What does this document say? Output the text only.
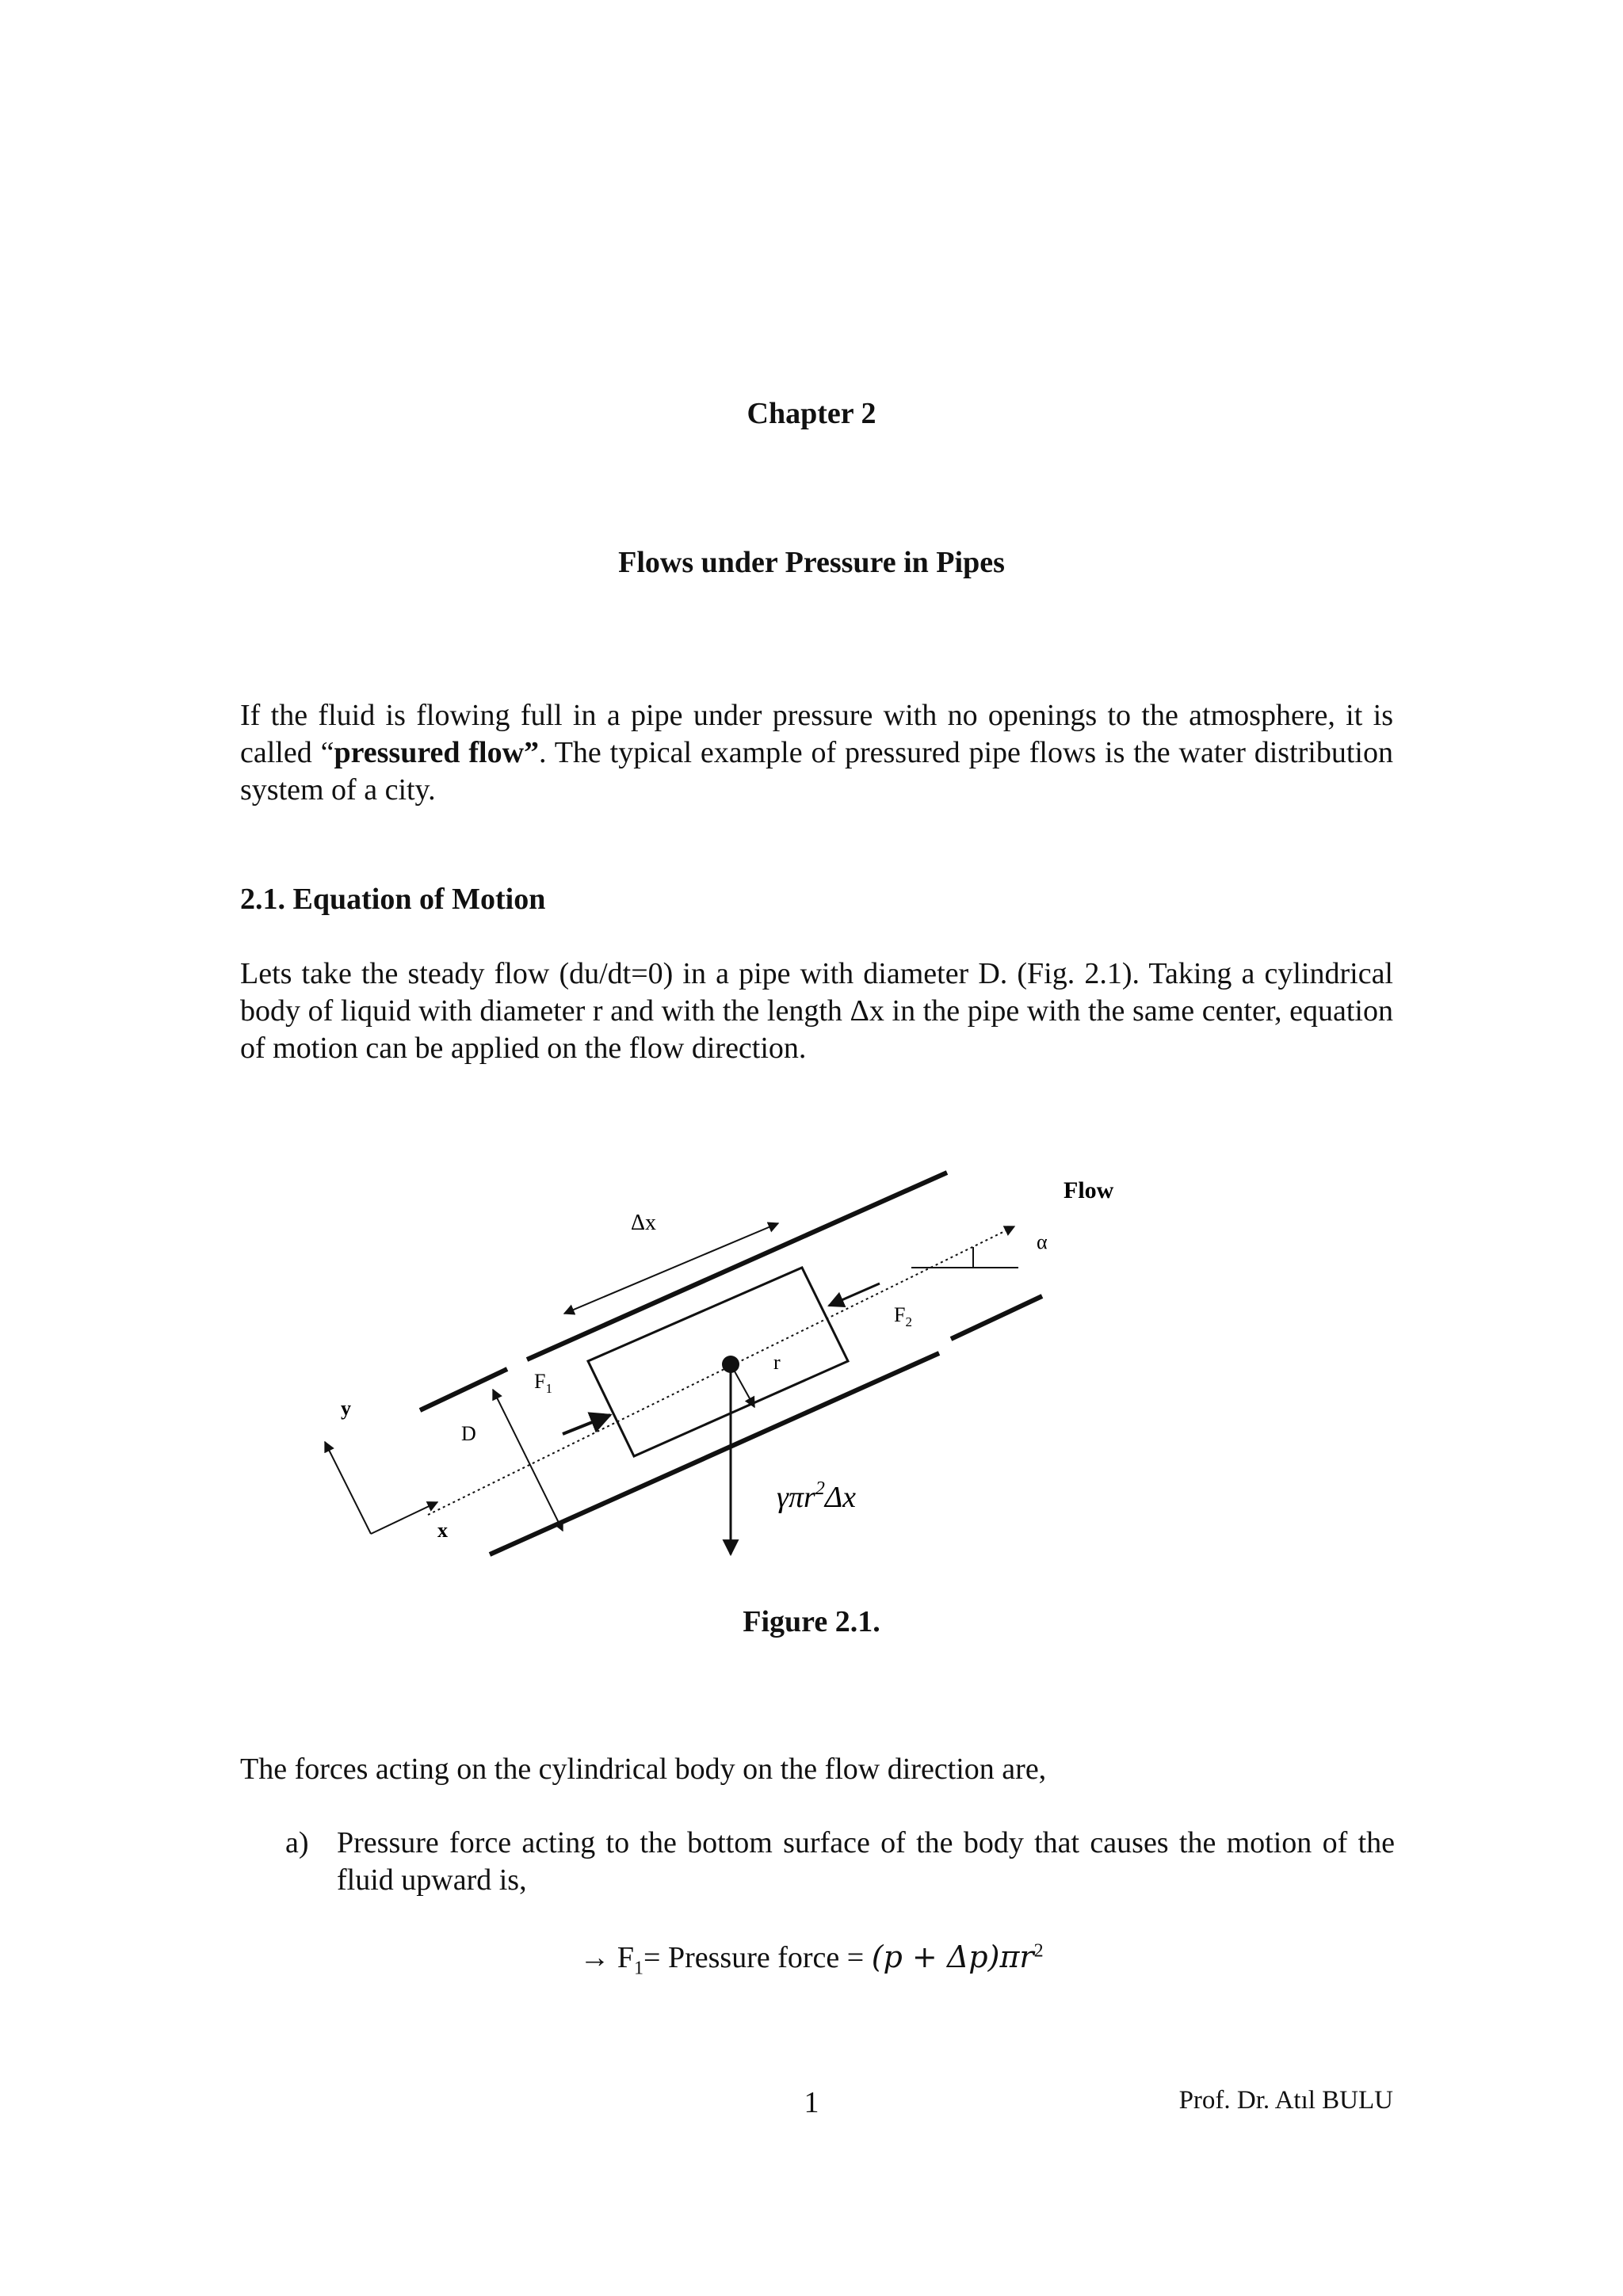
Chapter 2
Flows under Pressure in Pipes
If the fluid is flowing full in a pipe under pressure with no openings to the atmosphere, it is called “pressured flow”. The typical example of pressured pipe flows is the water distribution system of a city.
2.1. Equation of Motion
Lets take the steady flow (du/dt=0) in a pipe with diameter D. (Fig. 2.1). Taking a cylindrical body of liquid with diameter r and with the length Δx in the pipe with the same center, equation of motion can be applied on the flow direction.
Flow
Δx
α
$F_2$
r
$F_1$
y
D
x
γπr$^2$Δx
Figure 2.1.
The forces acting on the cylindrical body on the flow direction are,
a) Pressure force acting to the bottom surface of the body that causes the motion of the fluid upward is,
→ $F_1=$ Pressure force = $(p + \Delta p)\pi r^2$
1	Prof. Dr. Atıl BULU
